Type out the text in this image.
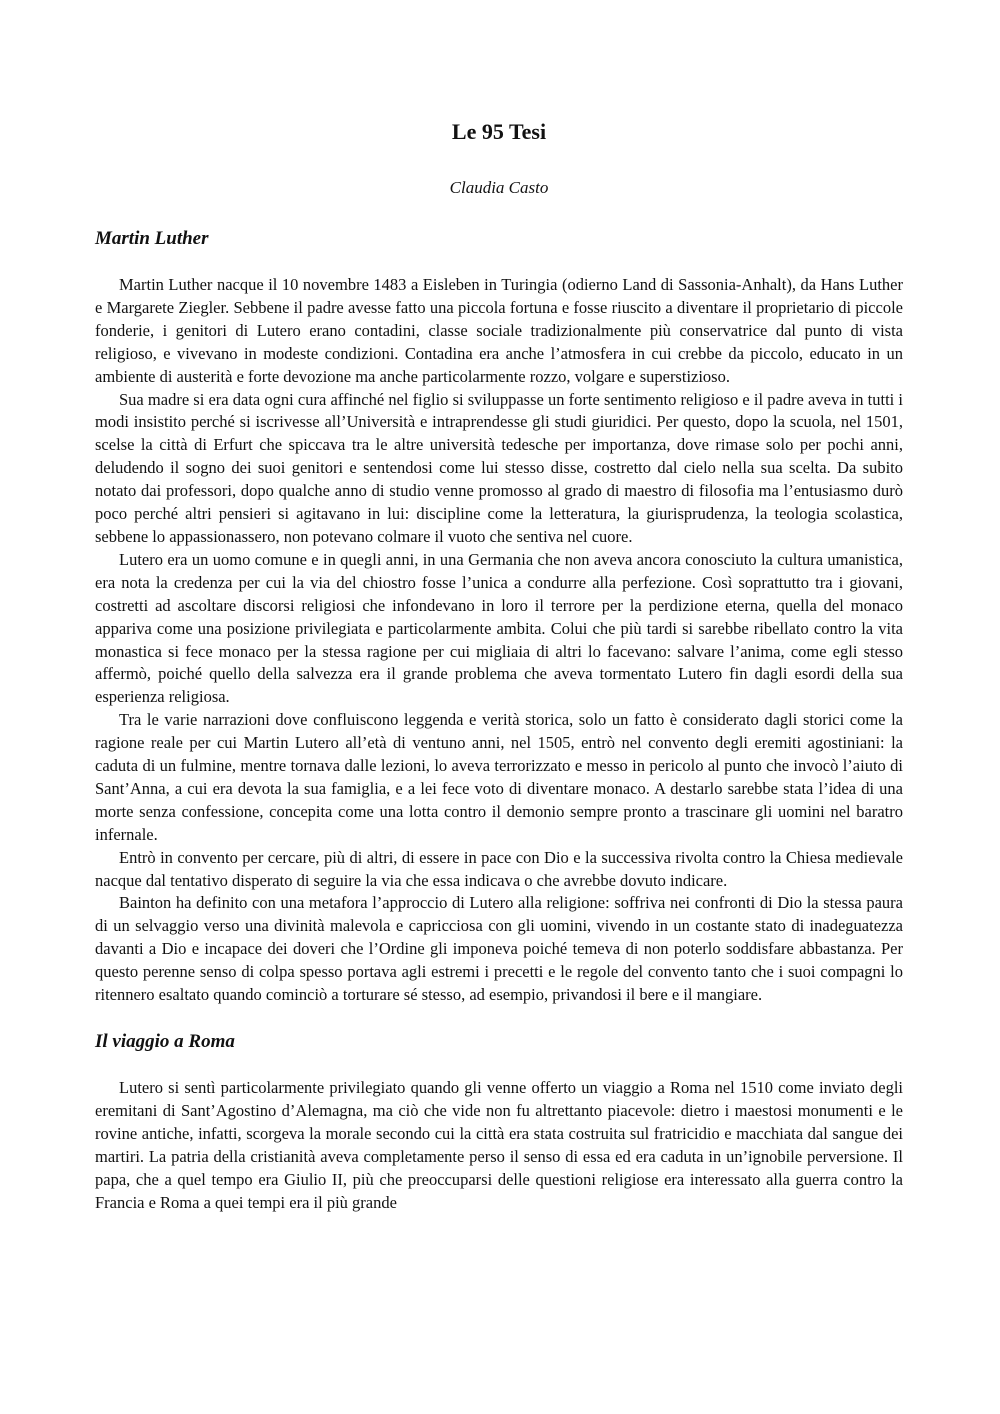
Le 95 Tesi

Claudia Casto

Martin Luther

Martin Luther nacque il 10 novembre 1483 a Eisleben in Turingia (odierno Land di Sassonia-Anhalt), da Hans Luther e Margarete Ziegler. Sebbene il padre avesse fatto una piccola fortuna e fosse riuscito a diventare il proprietario di piccole fonderie, i genitori di Lutero erano contadini, classe sociale tradizionalmente più conservatrice dal punto di vista religioso, e vivevano in modeste condizioni. Contadina era anche l’atmosfera in cui crebbe da piccolo, educato in un ambiente di austerità e forte devozione ma anche particolarmente rozzo, volgare e superstizioso.

Sua madre si era data ogni cura affinché nel figlio si sviluppasse un forte sentimento religioso e il padre aveva in tutti i modi insistito perché si iscrivesse all’Università e intraprendesse gli studi giuridici. Per questo, dopo la scuola, nel 1501, scelse la città di Erfurt che spiccava tra le altre università tedesche per importanza, dove rimase solo per pochi anni, deludendo il sogno dei suoi genitori e sentendosi come lui stesso disse, costretto dal cielo nella sua scelta. Da subito notato dai professori, dopo qualche anno di studio venne promosso al grado di maestro di filosofia ma l’entusiasmo durò poco perché altri pensieri si agitavano in lui: discipline come la letteratura, la giurisprudenza, la teologia scolastica, sebbene lo appassionassero, non potevano colmare il vuoto che sentiva nel cuore.

Lutero era un uomo comune e in quegli anni, in una Germania che non aveva ancora conosciuto la cultura umanistica, era nota la credenza per cui la via del chiostro fosse l’unica a condurre alla perfezione. Così soprattutto tra i giovani, costretti ad ascoltare discorsi religiosi che infondevano in loro il terrore per la perdizione eterna, quella del monaco appariva come una posizione privilegiata e particolarmente ambita. Colui che più tardi si sarebbe ribellato contro la vita monastica si fece monaco per la stessa ragione per cui migliaia di altri lo facevano: salvare l’anima, come egli stesso affermò, poiché quello della salvezza era il grande problema che aveva tormentato Lutero fin dagli esordi della sua esperienza religiosa.

Tra le varie narrazioni dove confluiscono leggenda e verità storica, solo un fatto è considerato dagli storici come la ragione reale per cui Martin Lutero all’età di ventuno anni, nel 1505, entrò nel convento degli eremiti agostiniani: la caduta di un fulmine, mentre tornava dalle lezioni, lo aveva terrorizzato e messo in pericolo al punto che invocò l’aiuto di Sant’Anna, a cui era devota la sua famiglia, e a lei fece voto di diventare monaco. A destarlo sarebbe stata l’idea di una morte senza confessione, concepita come una lotta contro il demonio sempre pronto a trascinare gli uomini nel baratro infernale.

Entrò in convento per cercare, più di altri, di essere in pace con Dio e la successiva rivolta contro la Chiesa medievale nacque dal tentativo disperato di seguire la via che essa indicava o che avrebbe dovuto indicare.

Bainton ha definito con una metafora l’approccio di Lutero alla religione: soffriva nei confronti di Dio la stessa paura di un selvaggio verso una divinità malevola e capricciosa con gli uomini, vivendo in un costante stato di inadeguatezza davanti a Dio e incapace dei doveri che l’Ordine gli imponeva poiché temeva di non poterlo soddisfare abbastanza. Per questo perenne senso di colpa spesso portava agli estremi i precetti e le regole del convento tanto che i suoi compagni lo ritennero esaltato quando cominciò a torturare sé stesso, ad esempio, privandosi il bere e il mangiare.

Il viaggio a Roma

Lutero si sentì particolarmente privilegiato quando gli venne offerto un viaggio a Roma nel 1510 come inviato degli eremitani di Sant’Agostino d’Alemagna, ma ciò che vide non fu altrettanto piacevole: dietro i maestosi monumenti e le rovine antiche, infatti, scorgeva la morale secondo cui la città era stata costruita sul fratricidio e macchiata dal sangue dei martiri. La patria della cristianità aveva completamente perso il senso di essa ed era caduta in un’ignobile perversione. Il papa, che a quel tempo era Giulio II, più che preoccuparsi delle questioni religiose era interessato alla guerra contro la Francia e Roma a quei tempi era il più grande
